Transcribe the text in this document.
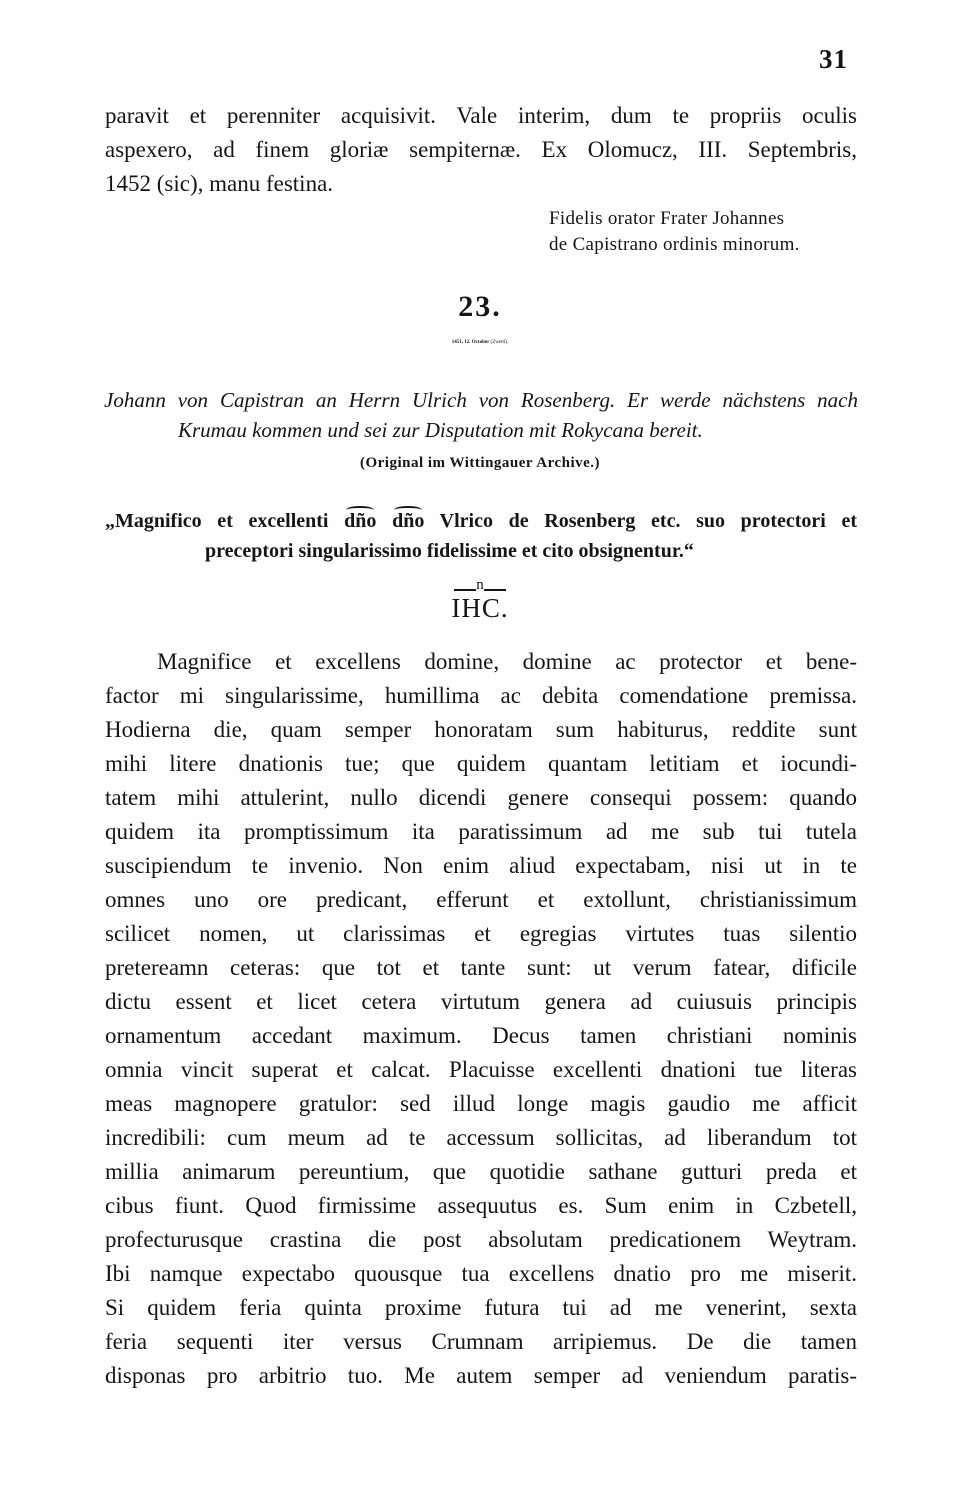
31
paravit et perenniter acquisivit. Vale interim, dum te propriis oculis
aspexero, ad finem gloriæ sempiternæ. Ex Olomucz, III. Septembris,
1452 (sic), manu festina.
Fidelis orator Frater Johannes
de Capistrano ordinis minorum.
23.
1451, 12. October (Zwettl).
Johann von Capistran an Herrn Ulrich von Rosenberg. Er werde nächstens nach
Krumau kommen und sei zur Disputation mit Rokycana bereit.
(Original im Wittingauer Archive.)
„Magnifico et excellenti dño dño Vlrico de Rosenberg etc. suo protectori et
preceptori singularissimo fidelissime et cito obsignentur.“
n
IHC.
Magnifice et excellens domine, domine ac protector et bene-
factor mi singularissime, humillima ac debita comendatione premissa.
Hodierna die, quam semper honoratam sum habiturus, reddite sunt
mihi litere dnationis tue; que quidem quantam letitiam et iocundi-
tatem mihi attulerint, nullo dicendi genere consequi possem: quando
quidem ita promptissimum ita paratissimum ad me sub tui tutela
suscipiendum te invenio. Non enim aliud expectabam, nisi ut in te
omnes uno ore predicant, efferunt et extollunt, christianissimum
scilicet nomen, ut clarissimas et egregias virtutes tuas silentio
pretereamn ceteras: que tot et tante sunt: ut verum fatear, dificile
dictu essent et licet cetera virtutum genera ad cuiusuis principis
ornamentum accedant maximum. Decus tamen christiani nominis
omnia vincit superat et calcat. Placuisse excellenti dnationi tue literas
meas magnopere gratulor: sed illud longe magis gaudio me afficit
incredibili: cum meum ad te accessum sollicitas, ad liberandum tot
millia animarum pereuntium, que quotidie sathane gutturi preda et
cibus fiunt. Quod firmissime assequutus es. Sum enim in Czbetell,
profecturusque crastina die post absolutam predicationem Weytram.
Ibi namque expectabo quousque tua excellens dnatio pro me miserit.
Si quidem feria quinta proxime futura tui ad me venerint, sexta
feria sequenti iter versus Crumnam arripiemus. De die tamen
disponas pro arbitrio tuo. Me autem semper ad veniendum paratis-
